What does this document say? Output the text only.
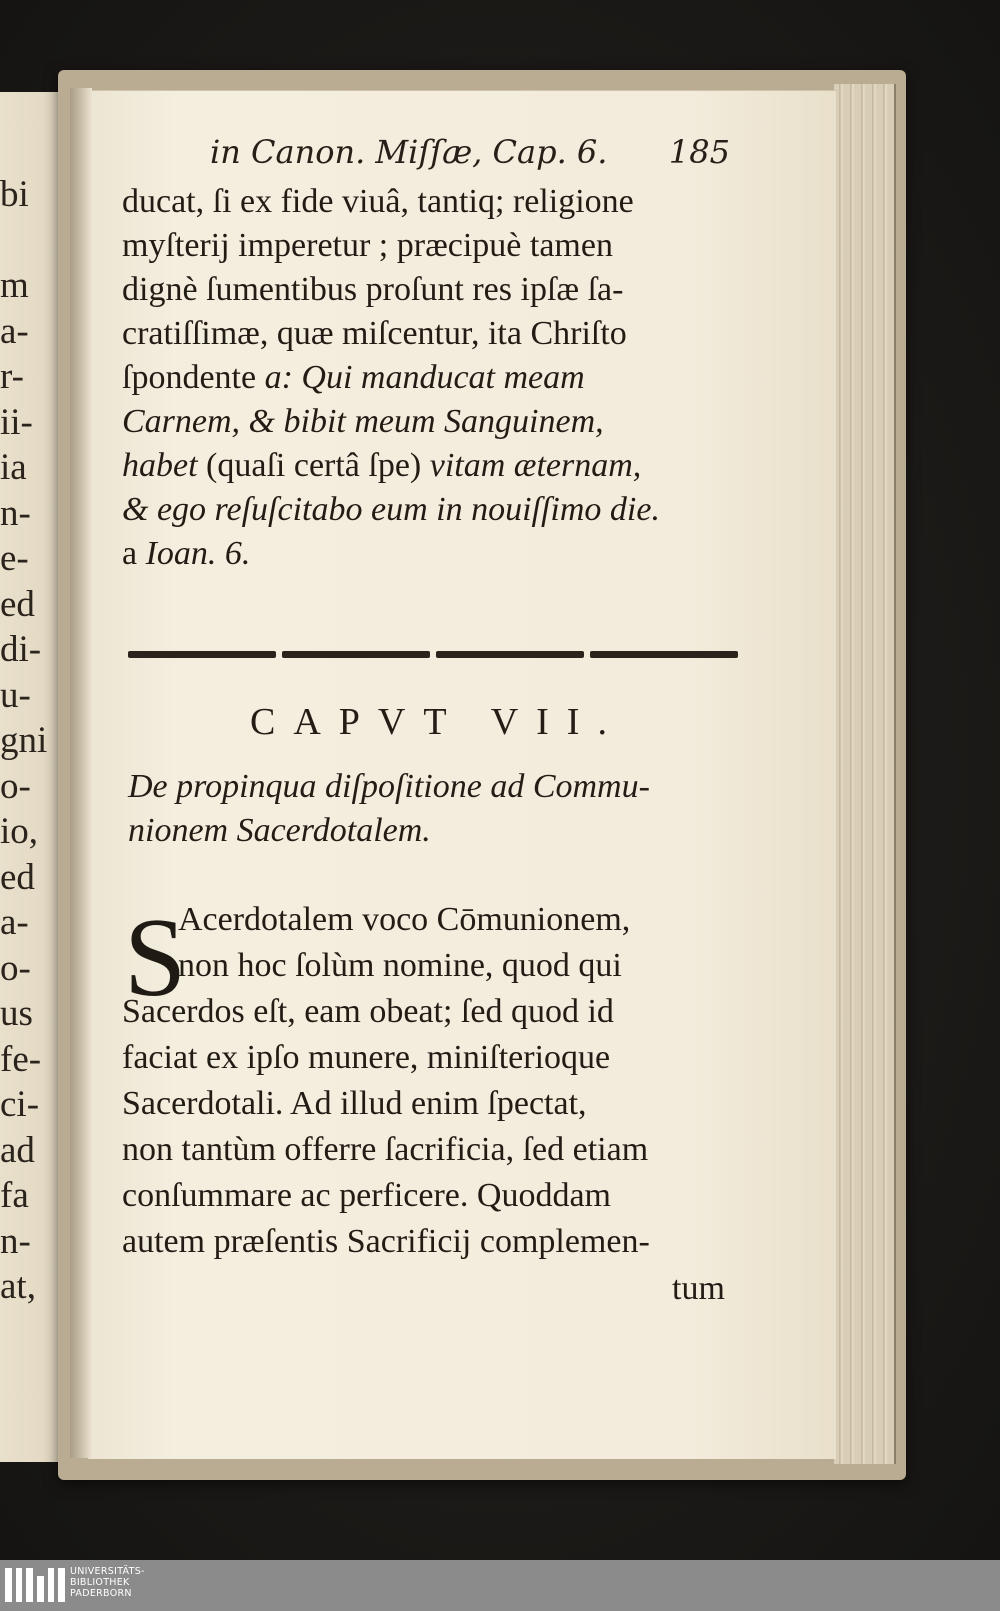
bi
m
a-
r-
ii-
ia
n-
e-
ed
di-
u-
gni
o-
io,
ed
a-
o-
us
fe-
ci-
ad
fa
n-
at,
in Canon. Miſſæ, Cap. 6. 185
ducat, ſi ex fide viuâ, tantiq; religione
myſterij imperetur ; præcipuè tamen
dignè ſumentibus proſunt res ipſæ ſa-
cratiſſimæ, quæ miſcentur, ita Chriſto
ſpondente a: Qui manducat meam
Carnem, & bibit meum Sanguinem,
habet (quaſi certâ ſpe) vitam æternam,
& ego reſuſcitabo eum in nouiſſimo die.
a Ioan. 6.
CAPVT VII.
De propinqua diſpoſitione ad Commu-
nionem Sacerdotalem.
S
Acerdotalem voco Cōmunionem,
non hoc ſolùm nomine, quod qui
Sacerdos eſt, eam obeat; ſed quod id
faciat ex ipſo munere, miniſterioque
Sacerdotali. Ad illud enim ſpectat,
non tantùm offerre ſacrificia, ſed etiam
conſummare ac perficere. Quoddam
autem præſentis Sacrificij complemen-
tum
UNIVERSITÄTS-
BIBLIOTHEK
PADERBORN
